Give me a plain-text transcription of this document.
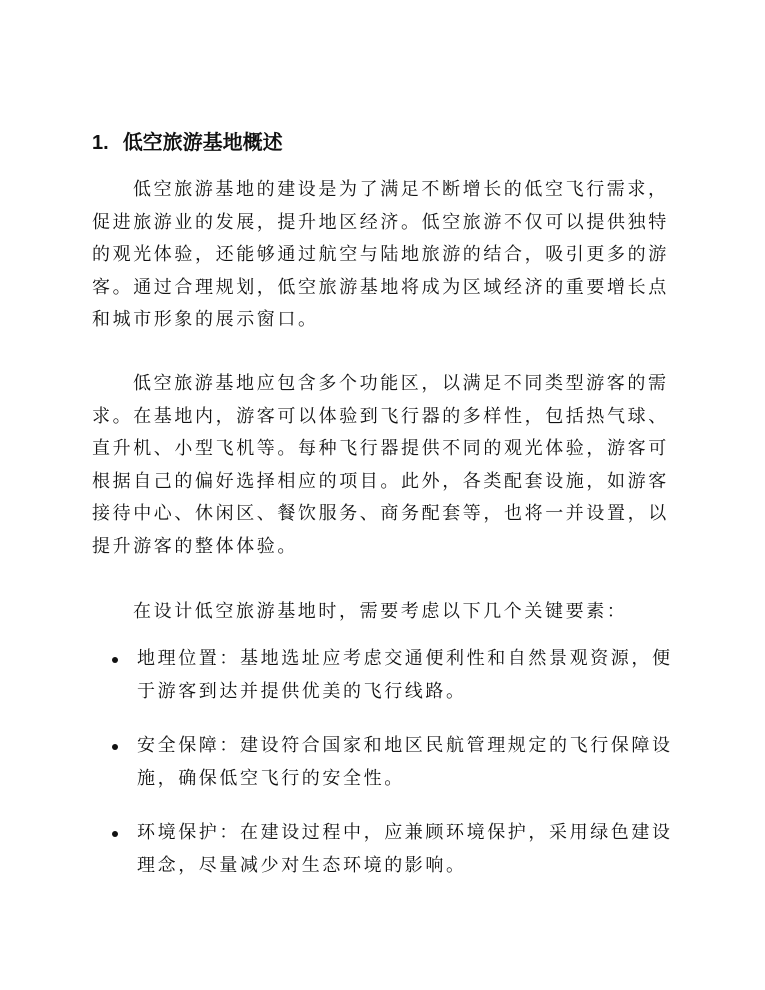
1. 低空旅游基地概述

低空旅游基地的建设是为了满足不断增长的低空飞行需求，促进旅游业的发展，提升地区经济。低空旅游不仅可以提供独特的观光体验，还能够通过航空与陆地旅游的结合，吸引更多的游客。通过合理规划，低空旅游基地将成为区域经济的重要增长点和城市形象的展示窗口。

低空旅游基地应包含多个功能区，以满足不同类型游客的需求。在基地内，游客可以体验到飞行器的多样性，包括热气球、直升机、小型飞机等。每种飞行器提供不同的观光体验，游客可根据自己的偏好选择相应的项目。此外，各类配套设施，如游客接待中心、休闲区、餐饮服务、商务配套等，也将一并设置，以提升游客的整体体验。

在设计低空旅游基地时，需要考虑以下几个关键要素：

地理位置：基地选址应考虑交通便利性和自然景观资源，便于游客到达并提供优美的飞行线路。
安全保障：建设符合国家和地区民航管理规定的飞行保障设施，确保低空飞行的安全性。
环境保护：在建设过程中，应兼顾环境保护，采用绿色建设理念，尽量减少对生态环境的影响。
